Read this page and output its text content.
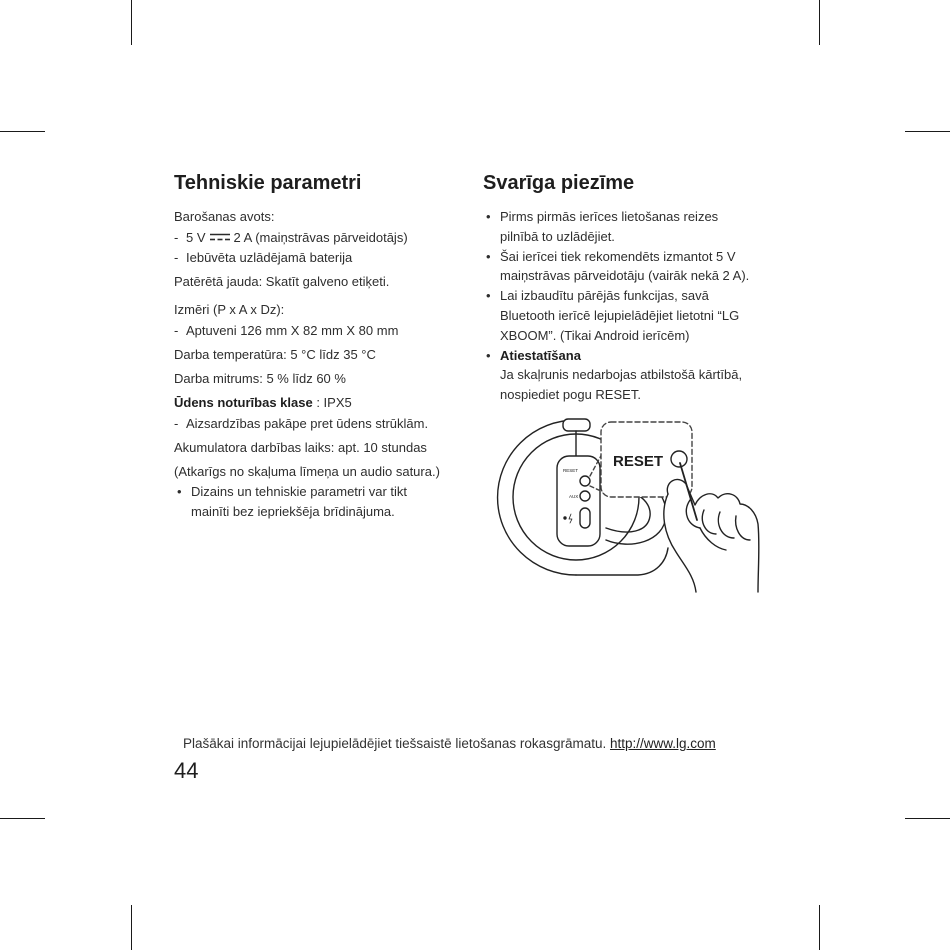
Tehniskie parametri
Barošanas avots:
- 5 V 2 A (maiņstrāvas pārveidotājs)
- Iebūvēta uzlādējamā baterija
Patērētā jauda: Skatīt galveno etiķeti.
Izmēri (P x A x Dz):
- Aptuveni 126 mm X 82 mm X 80 mm
Darba temperatūra: 5 °C līdz 35 °C
Darba mitrums: 5 % līdz 60 %
Ūdens noturības klase : IPX5
- Aizsardzības pakāpe pret ūdens strūklām.
Akumulatora darbības laiks: apt. 10 stundas
(Atkarīgs no skaļuma līmeņa un audio satura.)
• Dizains un tehniskie parametri var tikt
mainīti bez iepriekšēja brīdinājuma.
Svarīga piezīme
• Pirms pirmās ierīces lietošanas reizes
pilnībā to uzlādējiet.
• Šai ierīcei tiek rekomendēts izmantot 5 V
maiņstrāvas pārveidotāju (vairāk nekā 2 A).
• Lai izbaudītu pārējās funkcijas, savā
Bluetooth ierīcē lejupielādējiet lietotni “LG
XBOOM”. (Tikai Android ierīcēm)
• Atiestatīšana
Ja skaļrunis nedarbojas atbilstošā kārtībā,
nospiediet pogu RESET.
RESET
AUX
RESET
Plašākai informācijai lejupielādējiet tiešsaistē lietošanas rokasgrāmatu. http://www.lg.com
44
